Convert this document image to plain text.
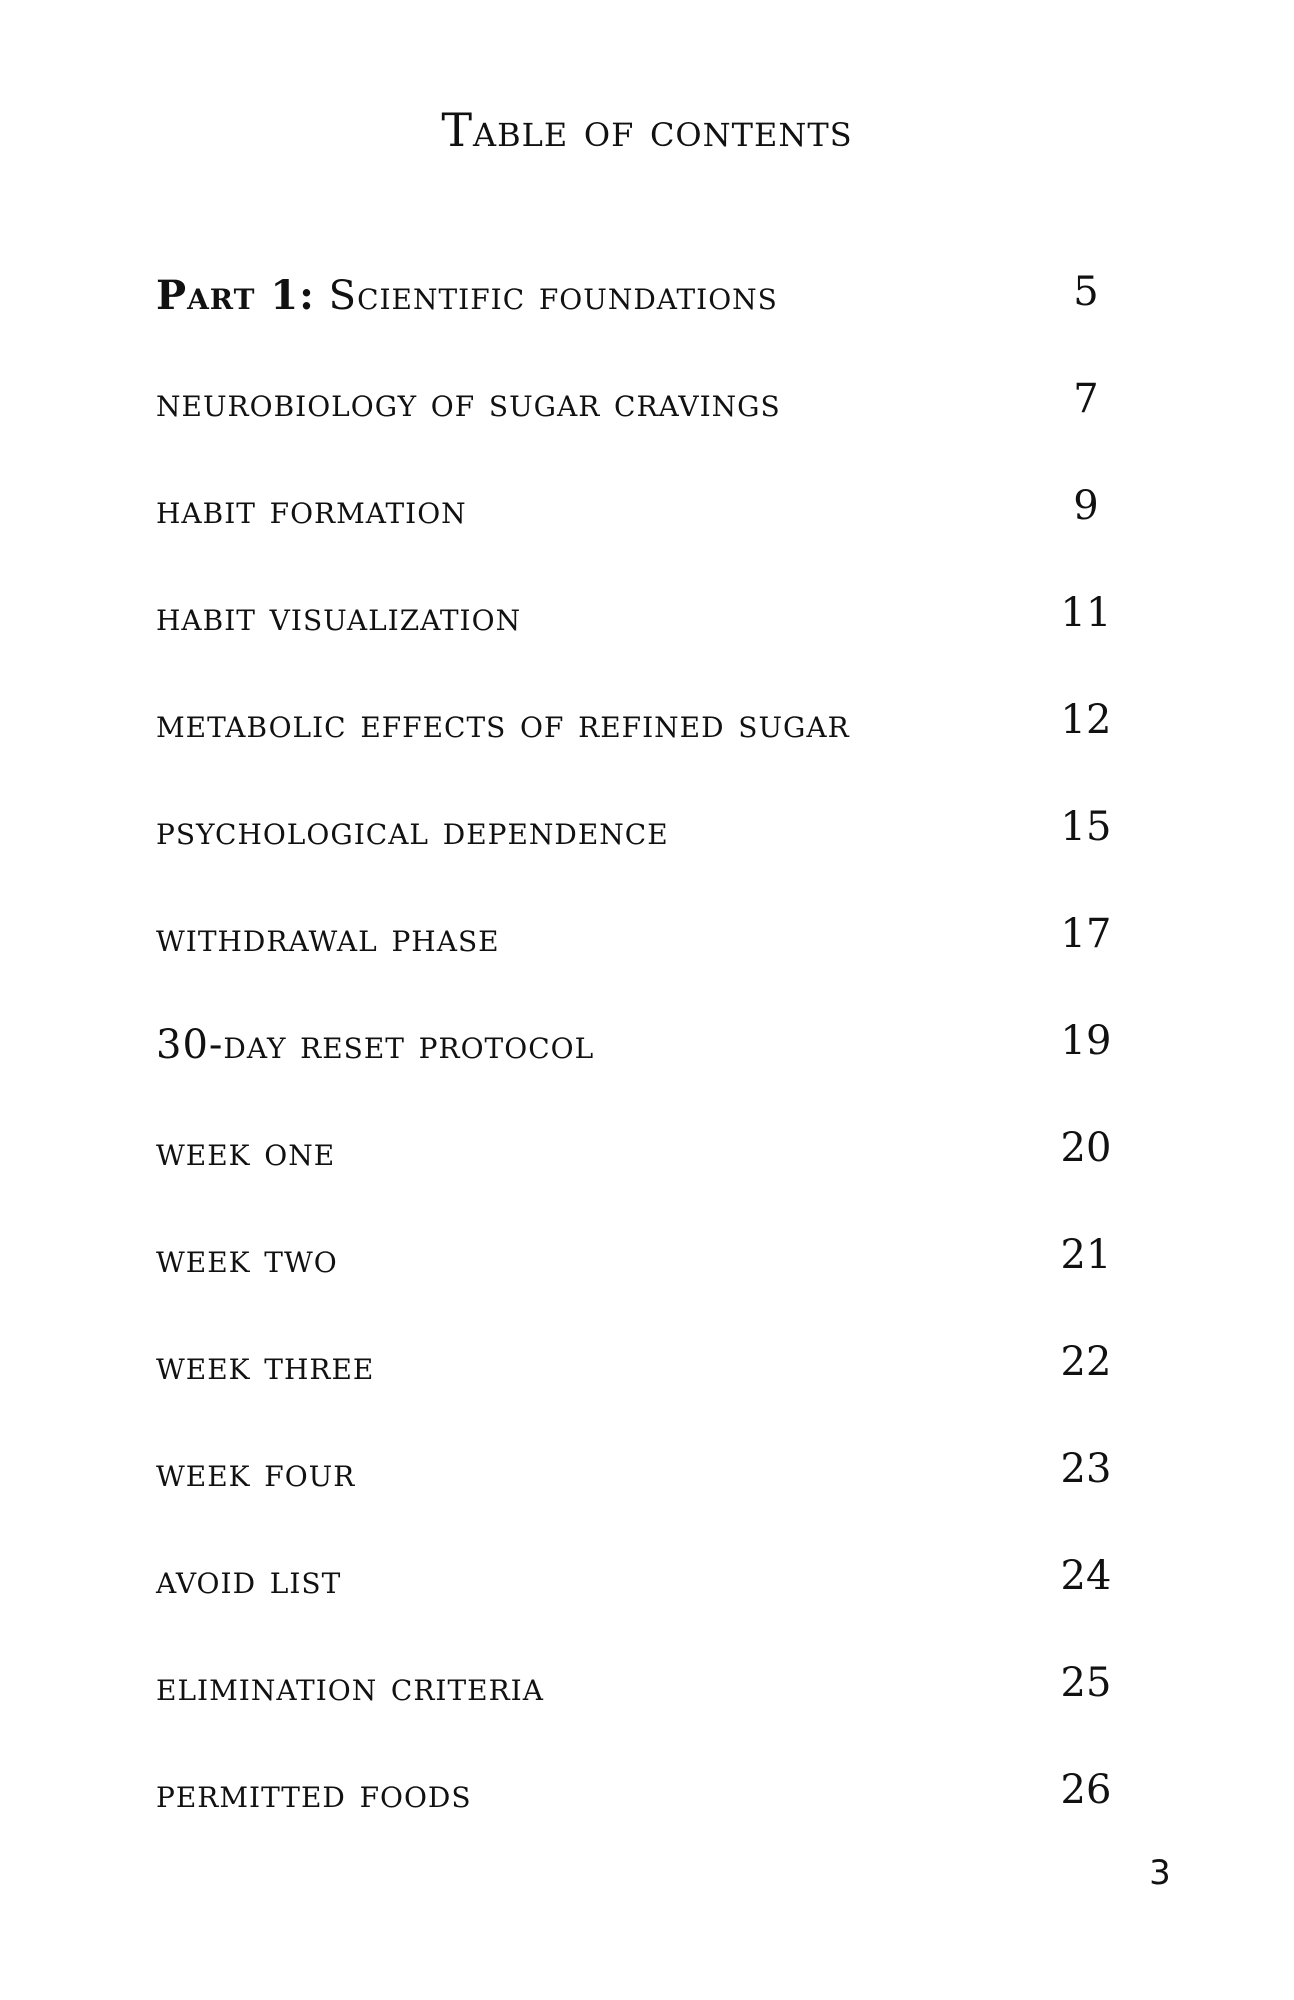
Table of contents
Part 1: Scientific foundations	5
neurobiology of sugar cravings	7
habit formation	9
habit visualization	11
metabolic effects of refined sugar	12
psychological dependence	15
withdrawal phase	17
30-day reset protocol	19
week one	20
week two	21
week three	22
week four	23
avoid list	24
elimination criteria	25
permitted foods	26
3
